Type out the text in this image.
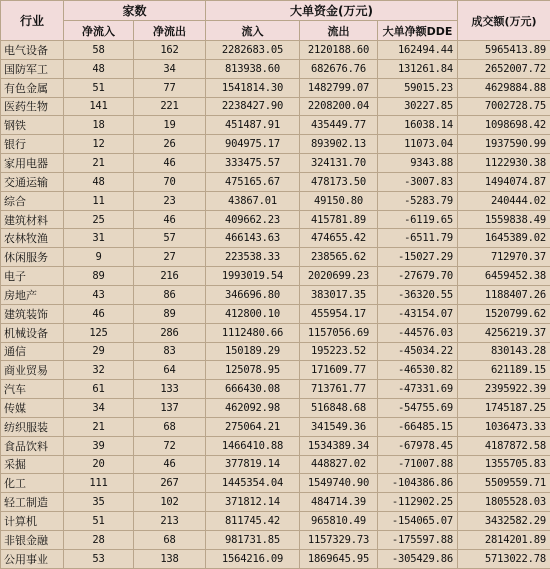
行业	家数		大单资金(万元)			成交额(万元)
	净流入	净流出	流入	流出	大单净额DDE	
电气设备	58	162	2282683.05	2120188.60	162494.44	5965413.89
国防军工	48	34	813938.60	682676.76	131261.84	2652007.72
有色金属	51	77	1541814.30	1482799.07	59015.23	4629884.88
医药生物	141	221	2238427.90	2208200.04	30227.85	7002728.75
钢铁	18	19	451487.91	435449.77	16038.14	1098698.42
银行	12	26	904975.17	893902.13	11073.04	1937590.99
家用电器	21	46	333475.57	324131.70	9343.88	1122930.38
交通运输	48	70	475165.67	478173.50	-3007.83	1494074.87
综合	11	23	43867.01	49150.80	-5283.79	240444.02
建筑材料	25	46	409662.23	415781.89	-6119.65	1559838.49
农林牧渔	31	57	466143.63	474655.42	-6511.79	1645389.02
休闲服务	9	27	223538.33	238565.62	-15027.29	712970.37
电子	89	216	1993019.54	2020699.23	-27679.70	6459452.38
房地产	43	86	346696.80	383017.35	-36320.55	1188407.26
建筑装饰	46	89	412800.10	455954.17	-43154.07	1520799.62
机械设备	125	286	1112480.66	1157056.69	-44576.03	4256219.37
通信	29	83	150189.29	195223.52	-45034.22	830143.28
商业贸易	32	64	125078.95	171609.77	-46530.82	621189.15
汽车	61	133	666430.08	713761.77	-47331.69	2395922.39
传媒	34	137	462092.98	516848.68	-54755.69	1745187.25
纺织服装	21	68	275064.21	341549.36	-66485.15	1036473.33
食品饮料	39	72	1466410.88	1534389.34	-67978.45	4187872.58
采掘	20	46	377819.14	448827.02	-71007.88	1355705.83
化工	111	267	1445354.04	1549740.90	-104386.86	5509559.71
轻工制造	35	102	371812.14	484714.39	-112902.25	1805528.03
计算机	51	213	811745.42	965810.49	-154065.07	3432582.29
非银金融	28	68	981731.85	1157329.73	-175597.88	2814201.89
公用事业	53	138	1564216.09	1869645.95	-305429.86	5713022.78
